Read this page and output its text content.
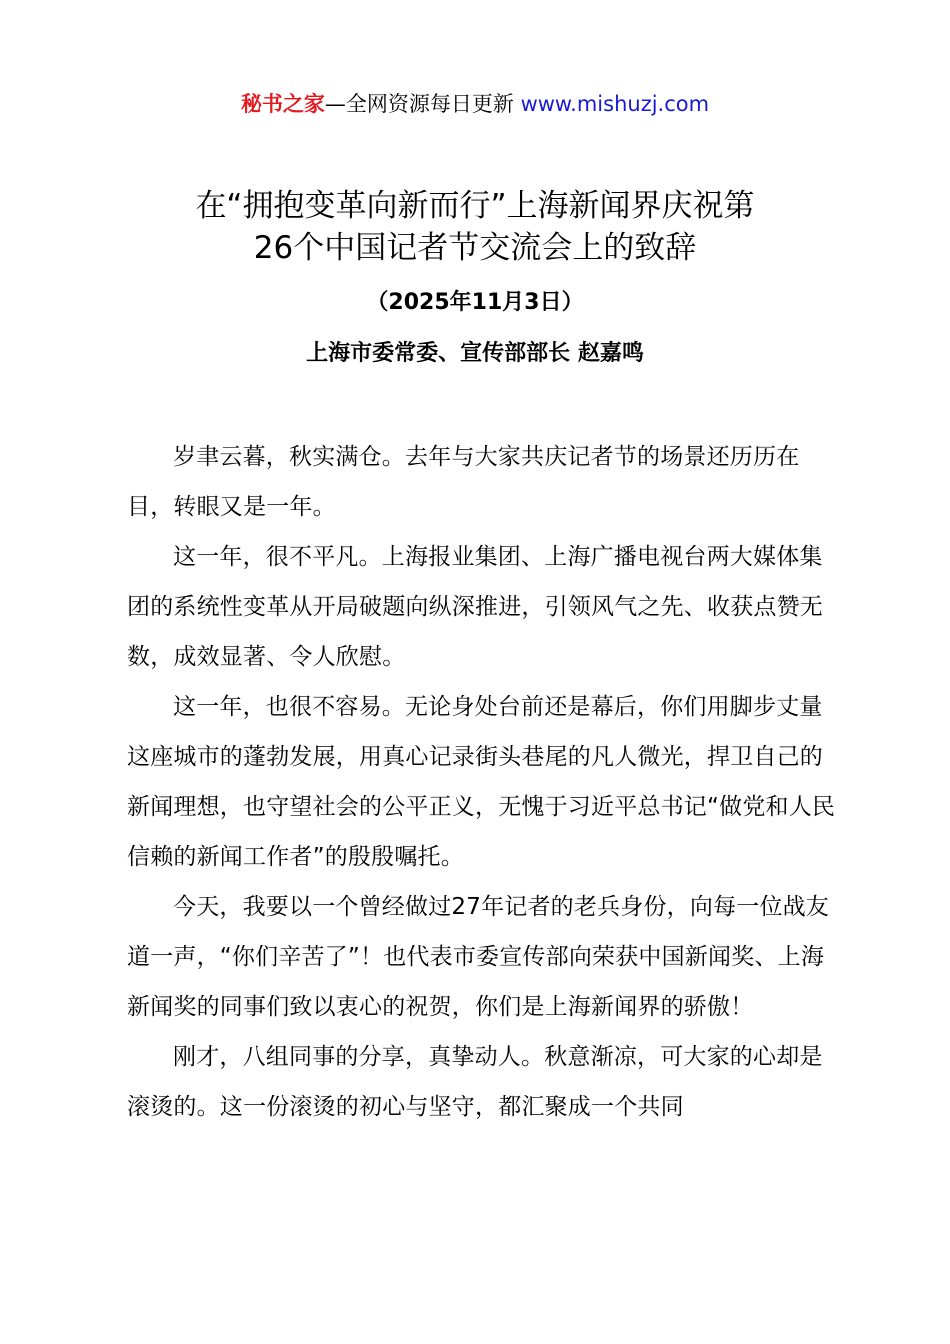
秘书之家—全网资源每日更新 www.mishuzj.com
在“拥抱变革向新而行”上海新闻界庆祝第
26个中国记者节交流会上的致辞
（2025年11月3日）
上海市委常委、宣传部部长 赵嘉鸣

岁聿云暮，秋实满仓。去年与大家共庆记者节的场景还历历在目，转眼又是一年。

这一年，很不平凡。上海报业集团、上海广播电视台两大媒体集团的系统性变革从开局破题向纵深推进，引领风气之先、收获点赞无数，成效显著、令人欣慰。

这一年，也很不容易。无论身处台前还是幕后，你们用脚步丈量这座城市的蓬勃发展，用真心记录街头巷尾的凡人微光，捍卫自己的新闻理想，也守望社会的公平正义，无愧于习近平总书记“做党和人民信赖的新闻工作者”的殷殷嘱托。

今天，我要以一个曾经做过27年记者的老兵身份，向每一位战友道一声，“你们辛苦了”！也代表市委宣传部向荣获中国新闻奖、上海新闻奖的同事们致以衷心的祝贺，你们是上海新闻界的骄傲！

刚才，八组同事的分享，真挚动人。秋意渐凉，可大家的心却是滚烫的。这一份滚烫的初心与坚守，都汇聚成一个共同
